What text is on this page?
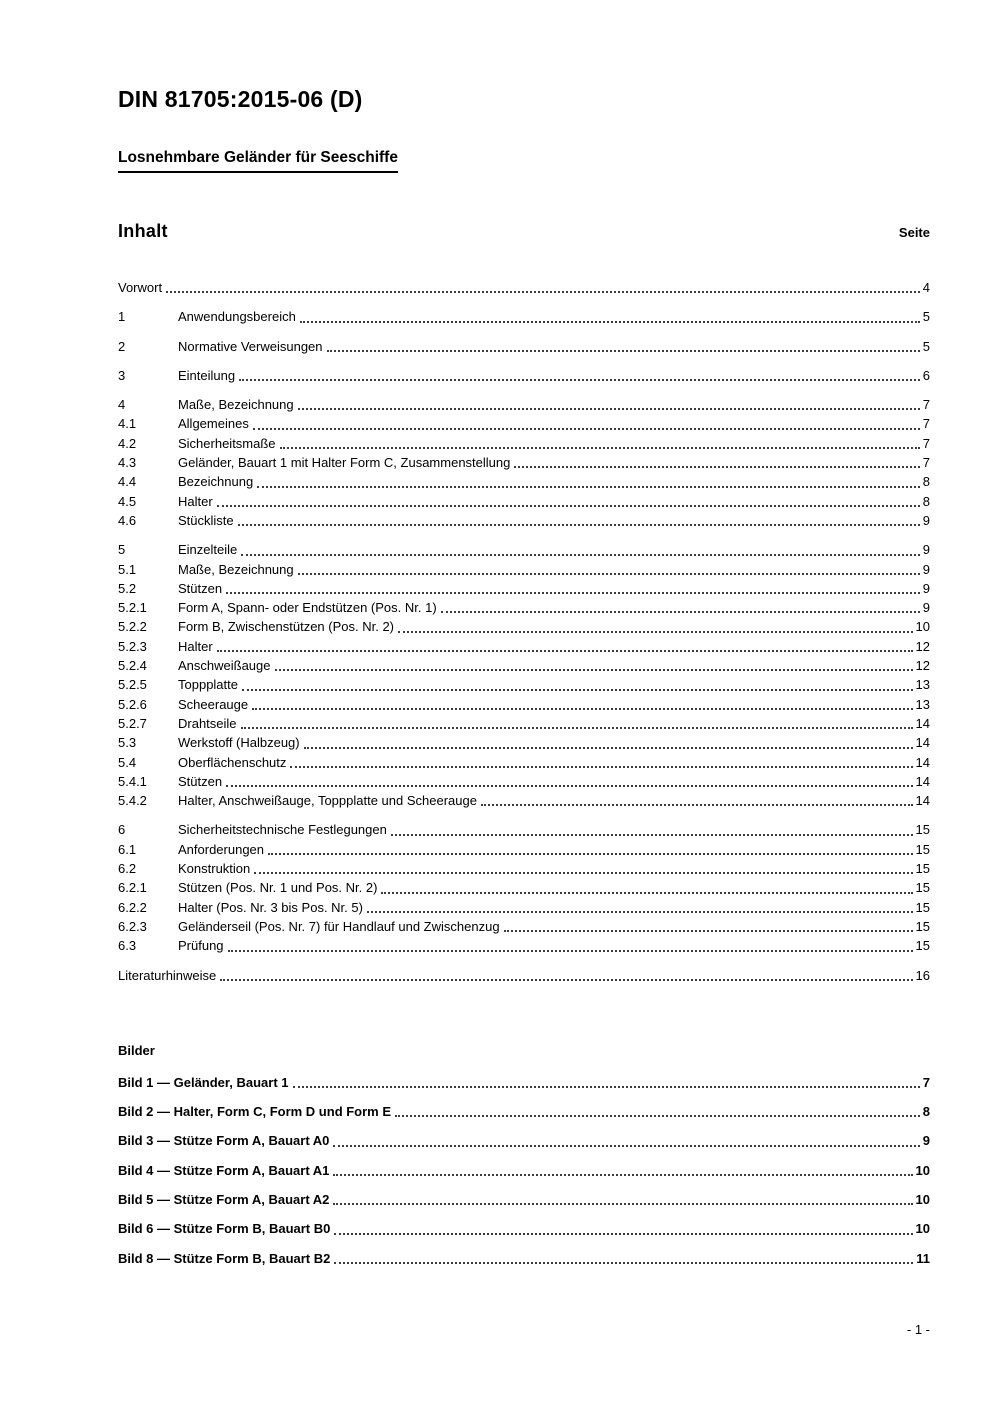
DIN 81705:2015-06 (D)
Losnehmbare Geländer für Seeschiffe
Inhalt	Seite
Vorwort	4
1	Anwendungsbereich	5
2	Normative Verweisungen	5
3	Einteilung	6
4	Maße, Bezeichnung	7
4.1	Allgemeines	7
4.2	Sicherheitsmaße	7
4.3	Geländer, Bauart 1 mit Halter Form C, Zusammenstellung	7
4.4	Bezeichnung	8
4.5	Halter	8
4.6	Stückliste	9
5	Einzelteile	9
5.1	Maße, Bezeichnung	9
5.2	Stützen	9
5.2.1	Form A, Spann- oder Endstützen (Pos. Nr. 1)	9
5.2.2	Form B, Zwischenstützen (Pos. Nr. 2)	10
5.2.3	Halter	12
5.2.4	Anschweißauge	12
5.2.5	Toppplatte	13
5.2.6	Scheerauge	13
5.2.7	Drahtseile	14
5.3	Werkstoff (Halbzeug)	14
5.4	Oberflächenschutz	14
5.4.1	Stützen	14
5.4.2	Halter, Anschweißauge, Toppplatte und Scheerauge	14
6	Sicherheitstechnische Festlegungen	15
6.1	Anforderungen	15
6.2	Konstruktion	15
6.2.1	Stützen (Pos. Nr. 1 und Pos. Nr. 2)	15
6.2.2	Halter (Pos. Nr. 3 bis Pos. Nr. 5)	15
6.2.3	Geländerseil (Pos. Nr. 7) für Handlauf und Zwischenzug	15
6.3	Prüfung	15
Literaturhinweise	16
Bilder
Bild 1 — Geländer, Bauart 1	7
Bild 2 — Halter, Form C, Form D und Form E	8
Bild 3 — Stütze Form A, Bauart A0	9
Bild 4 — Stütze Form A, Bauart A1	10
Bild 5 — Stütze Form A, Bauart A2	10
Bild 6 — Stütze Form B, Bauart B0	10
Bild 8 — Stütze Form B, Bauart B2	11
- 1 -
